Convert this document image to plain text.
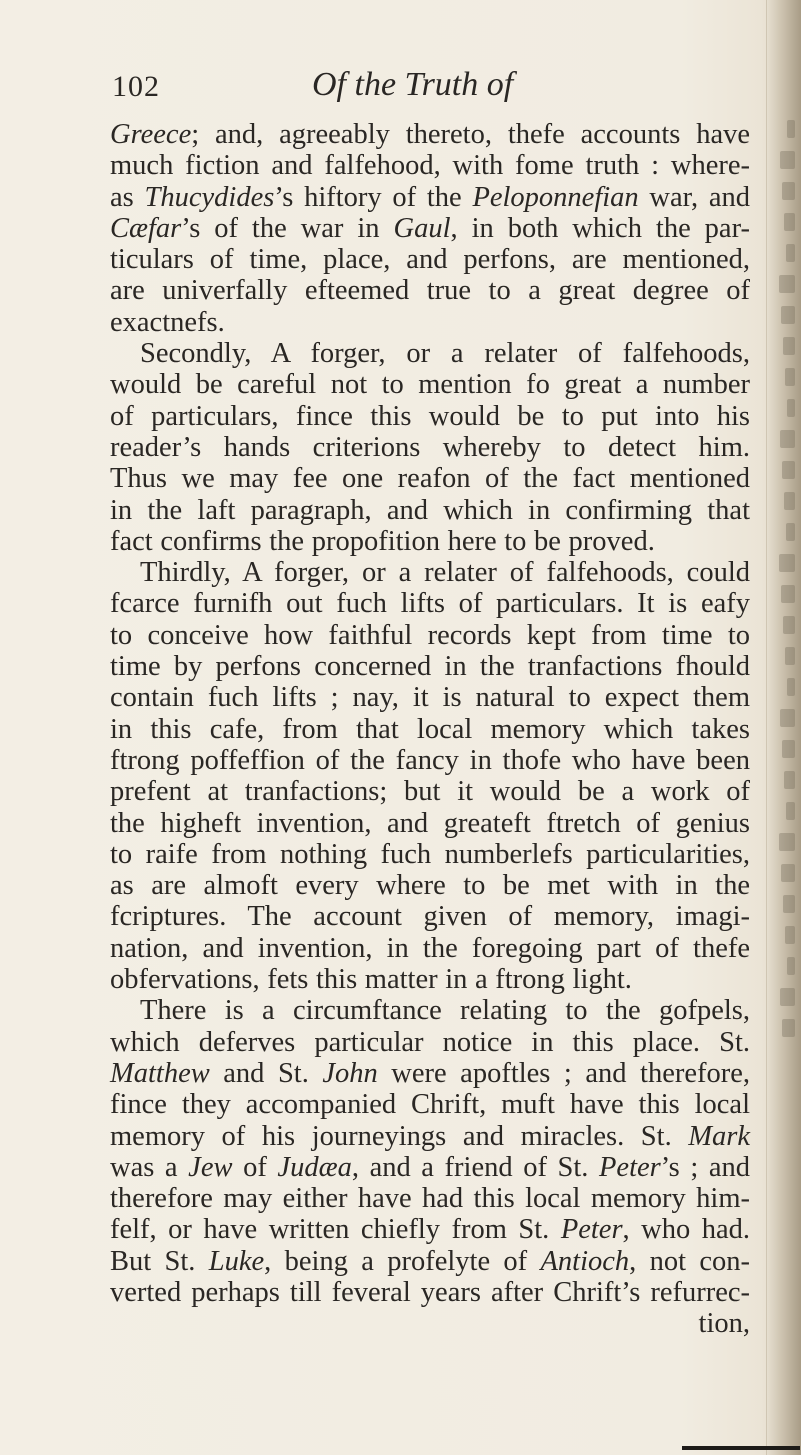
102	Of the Truth of
Greece; and, agreeably thereto, thefe accounts have
much fiction and falfehood, with fome truth : where-
as Thucydides’s hiftory of the Peloponnefian war, and
Cæfar’s of the war in Gaul, in both which the par-
ticulars of time, place, and perfons, are mentioned,
are univerfally efteemed true to a great degree of
exactnefs.
Secondly, A forger, or a relater of falfehoods,
would be careful not to mention fo great a number
of particulars, fince this would be to put into his
reader’s hands criterions whereby to detect him.
Thus we may fee one reafon of the fact mentioned
in the laft paragraph, and which in confirming that
fact confirms the propofition here to be proved.
Thirdly, A forger, or a relater of falfehoods, could
fcarce furnifh out fuch lifts of particulars. It is eafy
to conceive how faithful records kept from time to
time by perfons concerned in the tranfactions fhould
contain fuch lifts ; nay, it is natural to expect them
in this cafe, from that local memory which takes
ftrong poffeffion of the fancy in thofe who have been
prefent at tranfactions; but it would be a work of
the higheft invention, and greateft ftretch of genius
to raife from nothing fuch numberlefs particularities,
as are almoft every where to be met with in the
fcriptures. The account given of memory, imagi-
nation, and invention, in the foregoing part of thefe
obfervations, fets this matter in a ftrong light.
There is a circumftance relating to the gofpels,
which deferves particular notice in this place. St.
Matthew and St. John were apoftles ; and therefore,
fince they accompanied Chrift, muft have this local
memory of his journeyings and miracles. St. Mark
was a Jew of Judæa, and a friend of St. Peter’s ; and
therefore may either have had this local memory him-
felf, or have written chiefly from St. Peter, who had.
But St. Luke, being a profelyte of Antioch, not con-
verted perhaps till feveral years after Chrift’s refurrec-
tion,
